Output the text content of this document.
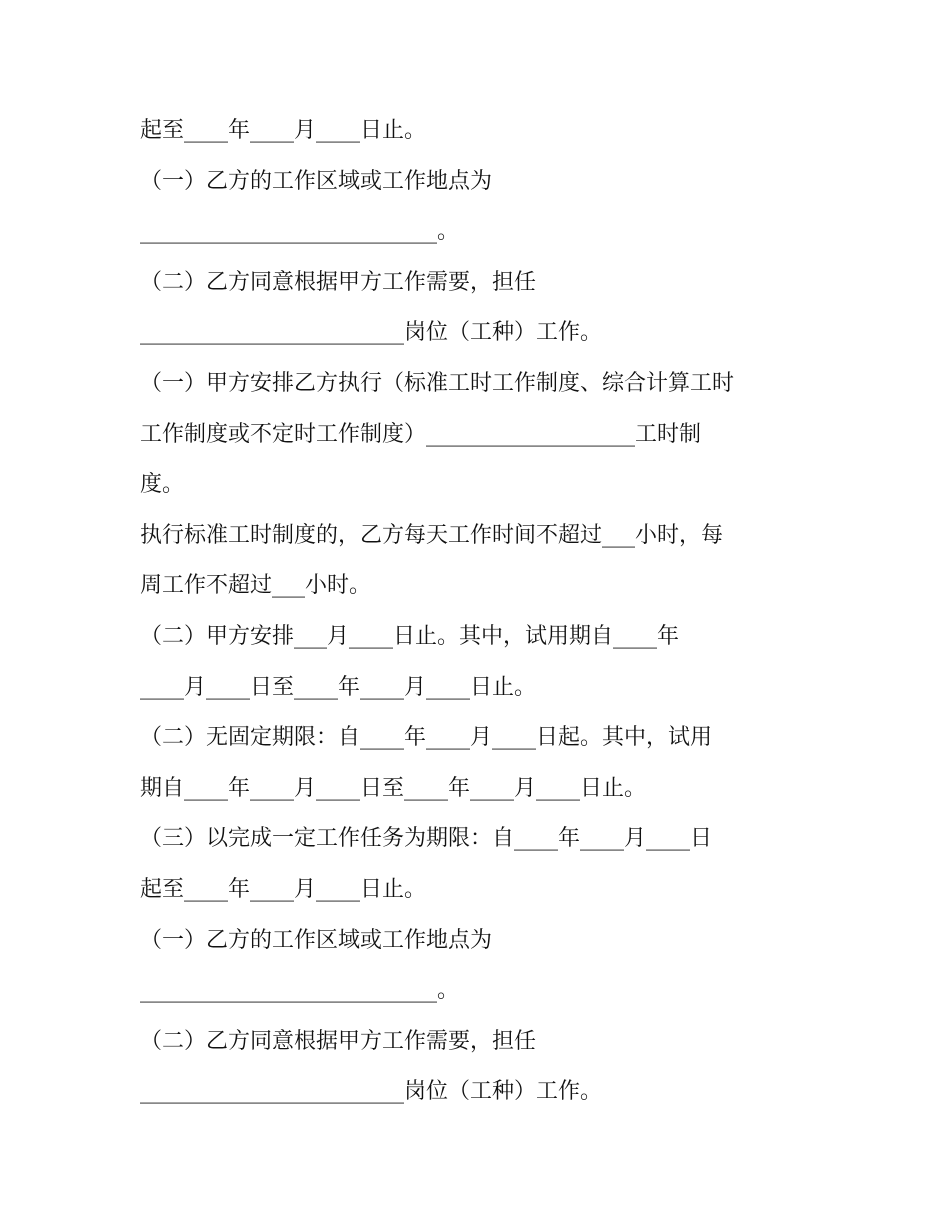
起至____年____月____日止。
（一）乙方的工作区域或工作地点为
___________________________。
（二）乙方同意根据甲方工作需要，担任
________________________岗位（工种）工作。
（一）甲方安排乙方执行（标准工时工作制度、综合计算工时
工作制度或不定时工作制度）___________________工时制
度。
执行标准工时制度的，乙方每天工作时间不超过___小时，每
周工作不超过___小时。
（二）甲方安排___月____日止。其中，试用期自____年
____月____日至____年____月____日止。
（二）无固定期限：自____年____月____日起。其中，试用
期自____年____月____日至____年____月____日止。
（三）以完成一定工作任务为期限：自____年____月____日
起至____年____月____日止。
（一）乙方的工作区域或工作地点为
___________________________。
（二）乙方同意根据甲方工作需要，担任
________________________岗位（工种）工作。
